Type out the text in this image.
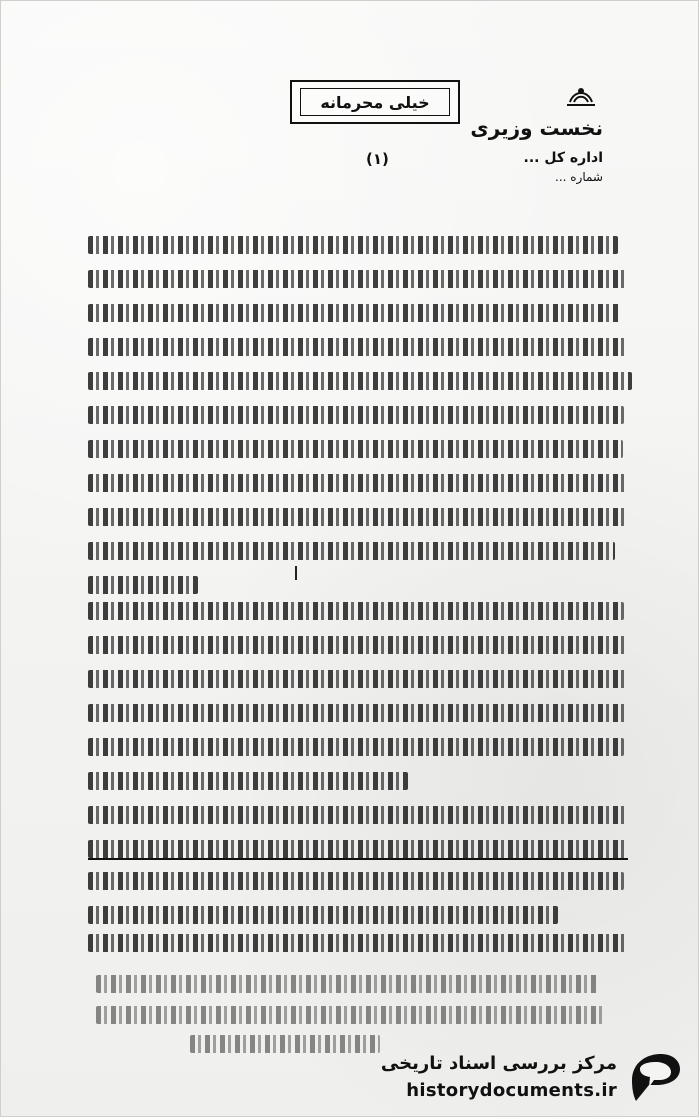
خیلی محرمانه
(۱)
نخست وزیری
اداره کل ...
شماره ...
مرکز بررسی اسناد تاریخی
historydocuments.ir
